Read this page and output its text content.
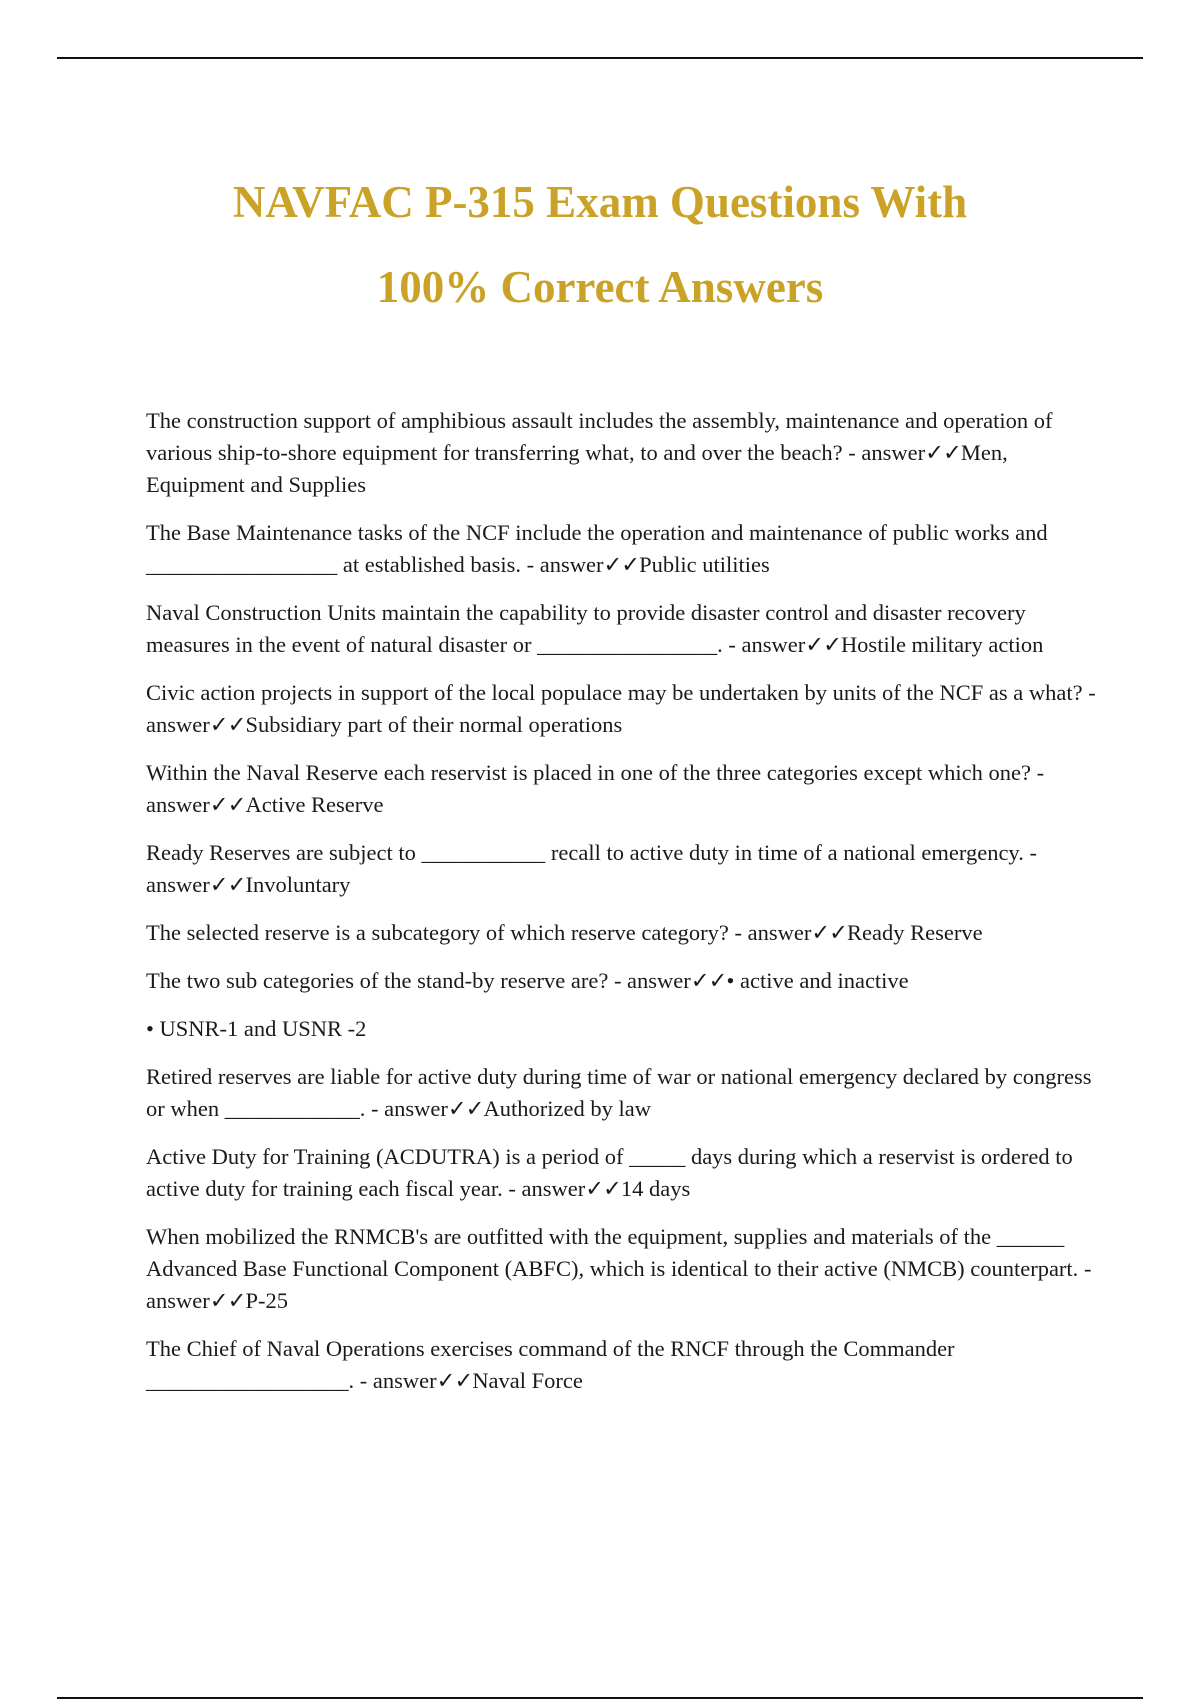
NAVFAC P-315 Exam Questions With
100% Correct Answers

The construction support of amphibious assault includes the assembly, maintenance and operation of various ship-to-shore equipment for transferring what, to and over the beach? - answer✓✓Men, Equipment and Supplies

The Base Maintenance tasks of the NCF include the operation and maintenance of public works and _________________ at established basis. - answer✓✓Public utilities

Naval Construction Units maintain the capability to provide disaster control and disaster recovery measures in the event of natural disaster or ________________. - answer✓✓Hostile military action

Civic action projects in support of the local populace may be undertaken by units of the NCF as a what? - answer✓✓Subsidiary part of their normal operations

Within the Naval Reserve each reservist is placed in one of the three categories except which one? - answer✓✓Active Reserve

Ready Reserves are subject to ___________ recall to active duty in time of a national emergency. - answer✓✓Involuntary

The selected reserve is a subcategory of which reserve category? - answer✓✓Ready Reserve

The two sub categories of the stand-by reserve are? - answer✓✓• active and inactive

• USNR-1 and USNR -2

Retired reserves are liable for active duty during time of war or national emergency declared by congress or when ____________. - answer✓✓Authorized by law

Active Duty for Training (ACDUTRA) is a period of _____ days during which a reservist is ordered to active duty for training each fiscal year. - answer✓✓14 days

When mobilized the RNMCB's are outfitted with the equipment, supplies and materials of the ______ Advanced Base Functional Component (ABFC), which is identical to their active (NMCB) counterpart. - answer✓✓P-25

The Chief of Naval Operations exercises command of the RNCF through the Commander __________________. - answer✓✓Naval Force
